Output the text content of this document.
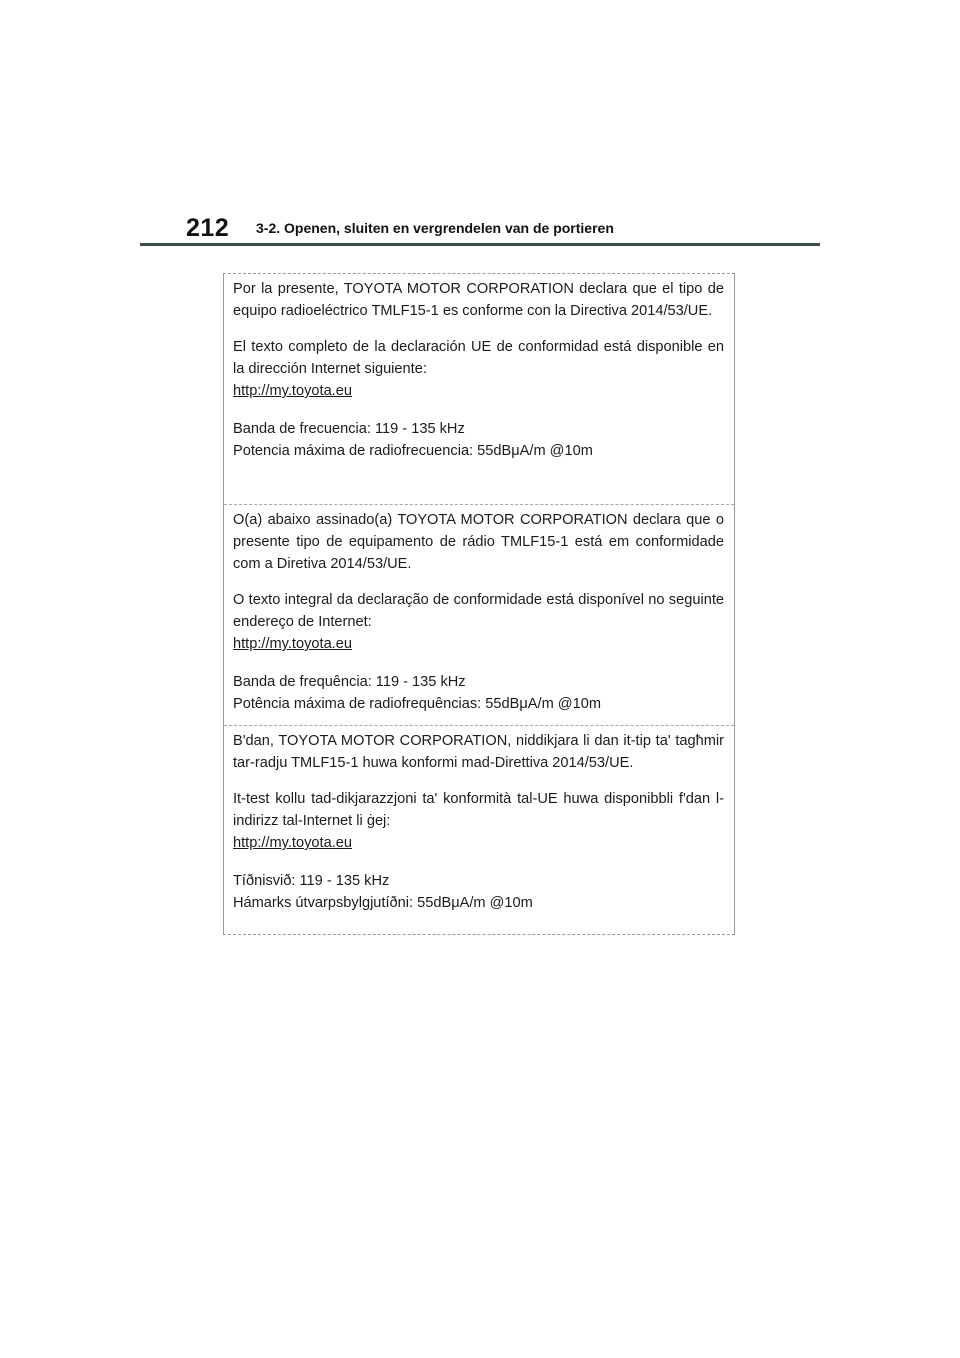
212 3-2. Openen, sluiten en vergrendelen van de portieren

Por la presente, TOYOTA MOTOR CORPORATION declara que el tipo de equipo radioeléctrico TMLF15-1 es conforme con la Directiva 2014/53/UE.

El texto completo de la declaración UE de conformidad está disponible en la dirección Internet siguiente:

http://my.toyota.eu

Banda de frecuencia: 119 - 135 kHz

Potencia máxima de radiofrecuencia: 55dBμA/m @10m

O(a) abaixo assinado(a) TOYOTA MOTOR CORPORATION declara que o presente tipo de equipamento de rádio TMLF15-1 está em conformidade com a Diretiva 2014/53/UE.

O texto integral da declaração de conformidade está disponível no seguinte endereço de Internet:

http://my.toyota.eu

Banda de frequência: 119 - 135 kHz

Potência máxima de radiofrequências: 55dBμA/m @10m

B'dan, TOYOTA MOTOR CORPORATION, niddikjara li dan it-tip ta' tagħmir tar-radju TMLF15-1 huwa konformi mad-Direttiva 2014/53/UE.

It-test kollu tad-dikjarazzjoni ta' konformità tal-UE huwa disponibbli f'dan l-indirizz tal-Internet li ġej:

http://my.toyota.eu

Tíðnisvið: 119 - 135 kHz

Hámarks útvarpsbylgjutíðni: 55dBμA/m @10m
